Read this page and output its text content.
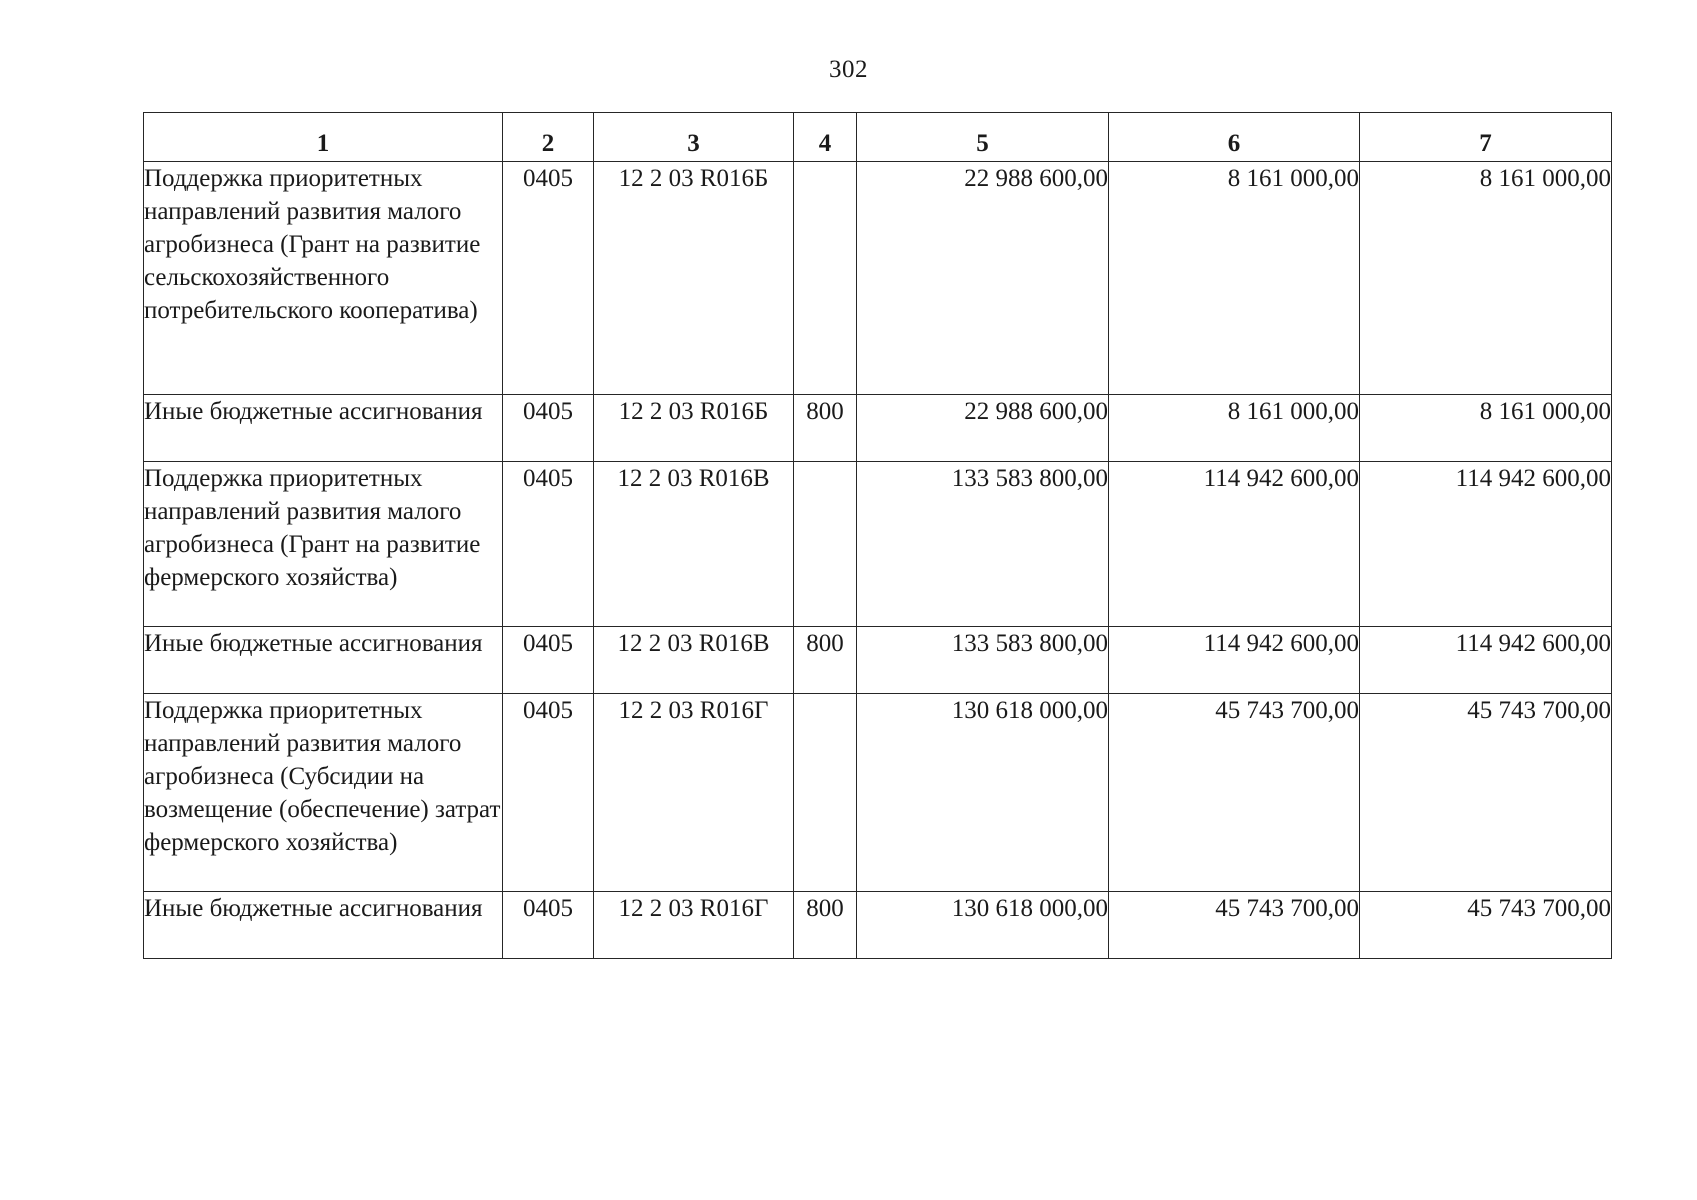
302
1	2	3	4	5	6	7
Поддержка приоритетных направлений развития малого агробизнеса (Грант на развитие сельскохозяйственного потребительского кооператива)	0405	12 2 03 R016Б		22 988 600,00	8 161 000,00	8 161 000,00
Иные бюджетные ассигнования	0405	12 2 03 R016Б	800	22 988 600,00	8 161 000,00	8 161 000,00
Поддержка приоритетных направлений развития малого агробизнеса (Грант на развитие фермерского хозяйства)	0405	12 2 03 R016В		133 583 800,00	114 942 600,00	114 942 600,00
Иные бюджетные ассигнования	0405	12 2 03 R016В	800	133 583 800,00	114 942 600,00	114 942 600,00
Поддержка приоритетных направлений развития малого агробизнеса (Субсидии на возмещение (обеспечение) затрат фермерского хозяйства)	0405	12 2 03 R016Г		130 618 000,00	45 743 700,00	45 743 700,00
Иные бюджетные ассигнования	0405	12 2 03 R016Г	800	130 618 000,00	45 743 700,00	45 743 700,00
